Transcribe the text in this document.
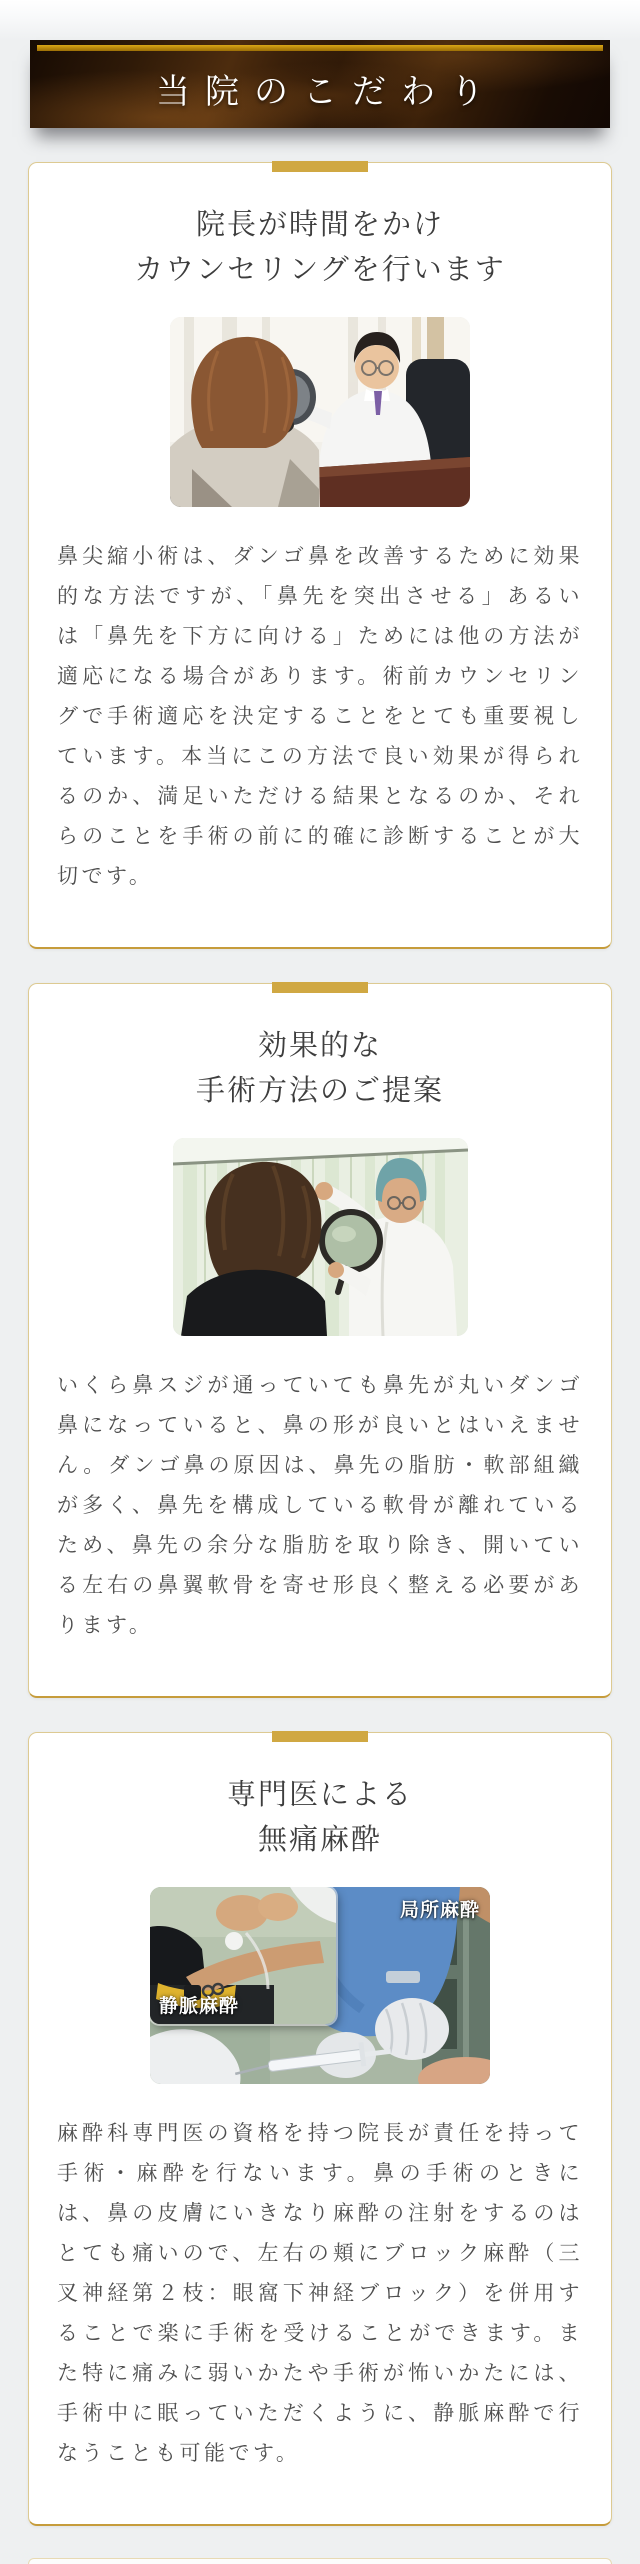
当院のこだわり
院長が時間をかけ
カウンセリングを行います

鼻尖縮小術は、ダンゴ鼻を改善するために効果的な方法ですが、「鼻先を突出させる」あるいは「鼻先を下方に向ける」ためには他の方法が適応になる場合があります。術前カウンセリングで手術適応を決定することをとても重要視しています。本当にこの方法で良い効果が得られるのか、満足いただける結果となるのか、それらのことを手術の前に的確に診断することが大切です。

効果的な
手術方法のご提案

いくら鼻スジが通っていても鼻先が丸いダンゴ鼻になっていると、鼻の形が良いとはいえません。ダンゴ鼻の原因は、鼻先の脂肪・軟部組織が多く、鼻先を構成している軟骨が離れているため、鼻先の余分な脂肪を取り除き、開いている左右の鼻翼軟骨を寄せ形良く整える必要があります。

専門医による
無痛麻酔
静脈麻酔
局所麻酔

麻酔科専門医の資格を持つ院長が責任を持って手術・麻酔を行ないます。鼻の手術のときには、鼻の皮膚にいきなり麻酔の注射をするのはとても痛いので、左右の頬にブロック麻酔（三叉神経第２枝：眼窩下神経ブロック）を併用することで楽に手術を受けることができます。また特に痛みに弱いかたや手術が怖いかたには、手術中に眠っていただくように、静脈麻酔で行なうことも可能です。
